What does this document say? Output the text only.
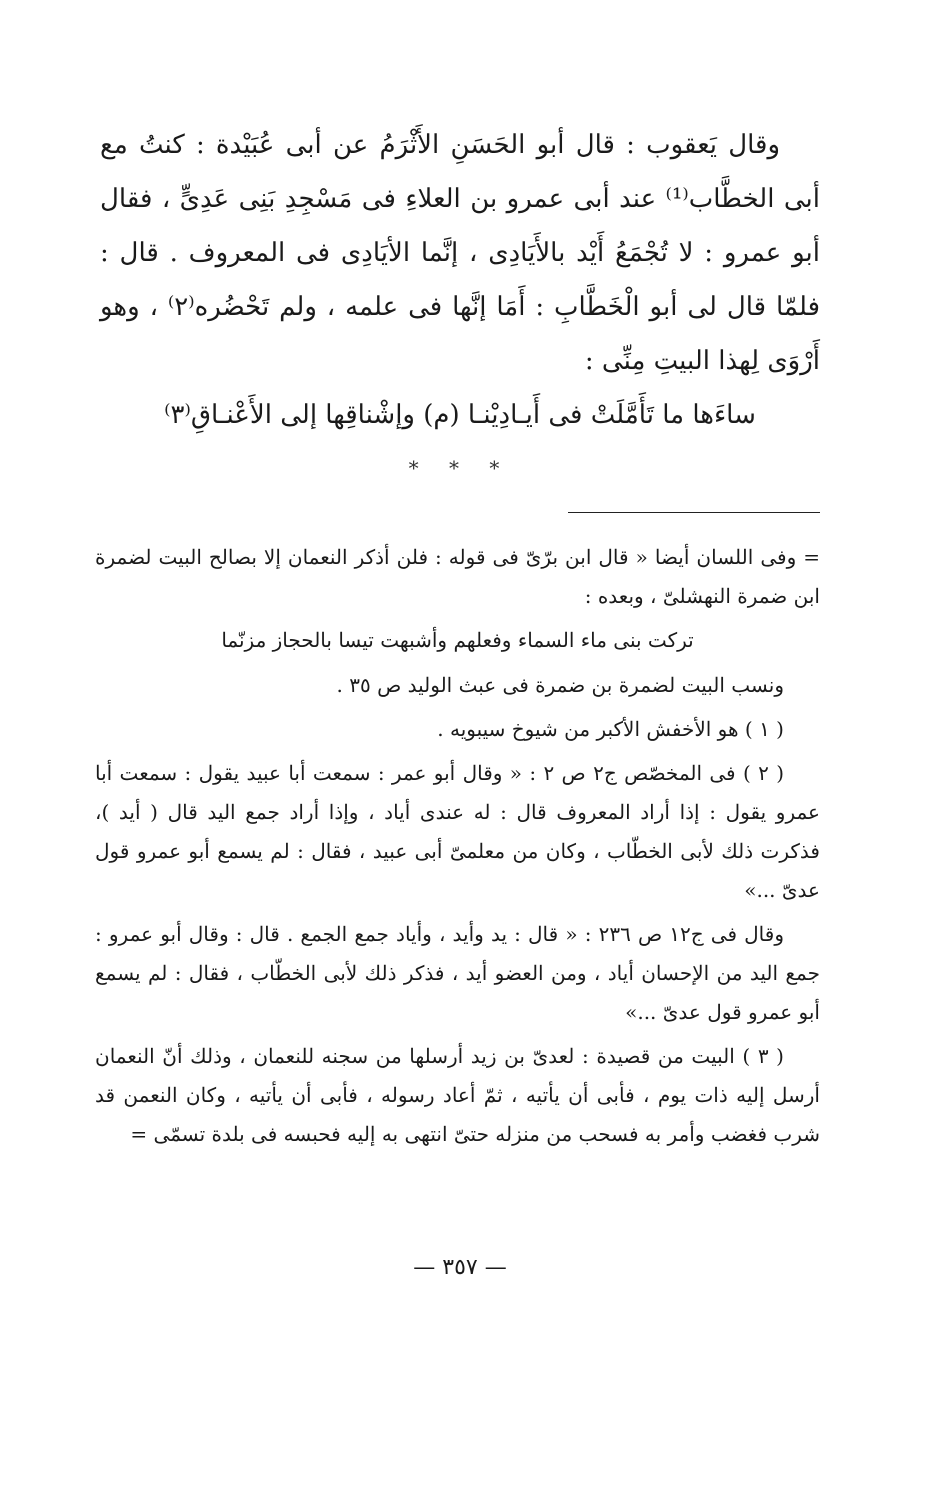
وقال يَعقوب : قال أبو الحَسَنِ الأَثْرَمُ عن أبى عُبَيْدة : كنتُ مع أبى الخطَّاب⁽¹⁾ عند أبى عمرو بن العلاءِ فى مَسْجِدِ بَنِى عَدِىٍّ ، فقال أبو عمرو : لا تُجْمَعُ أَيْد بالأَيَادِى ، إنَّما الأيَادِى فى المعروف . قال : فلمّا قال لى أبو الْخَطَّابِ : أَمَا إنَّها فى علمه ، ولم تَحْضُره⁽٢⁾ ، وهو أَرْوَى لِهذا البيتِ مِنِّى :

ساءَها ما تَأَمَّلَتْ فى أَيـادِيْنـا (م) وإشْناقِها إلى الأَعْنـاقِ⁽٣⁾
* * *

= وفى اللسان أيضا « قال ابن برّىّ فى قوله : فلن أذكر النعمان إلا بصالح البيت لضمرة ابن ضمرة النهشلىّ ، وبعده :

تركت بنى ماء السماء وفعلهم وأشبهت تيسا بالحجاز مزنّما

ونسب البيت لضمرة بن ضمرة فى عبث الوليد ص ٣٥ .

( ١ ) هو الأخفش الأكبر من شيوخ سيبويه .

( ٢ ) فى المخصّص ج٢ ص ٢ : « وقال أبو عمر : سمعت أبا عبيد يقول : سمعت أبا عمرو يقول : إذا أراد المعروف قال : له عندى أياد ، وإذا أراد جمع اليد قال ( أيد )، فذكرت ذلك لأبى الخطّاب ، وكان من معلمىّ أبى عبيد ، فقال : لم يسمع أبو عمرو قول عدىّ ...»

وقال فى ج١٢ ص ٢٣٦ : « قال : يد وأيد ، وأياد جمع الجمع . قال : وقال أبو عمرو : جمع اليد من الإحسان أياد ، ومن العضو أيد ، فذكر ذلك لأبى الخطّاب ، فقال : لم يسمع أبو عمرو قول عدىّ ...»

( ٣ ) البيت من قصيدة : لعدىّ بن زيد أرسلها من سجنه للنعمان ، وذلك أنّ النعمان أرسل إليه ذات يوم ، فأبى أن يأتيه ، ثمّ أعاد رسوله ، فأبى أن يأتيه ، وكان النعمن قد شرب فغضب وأمر به فسحب من منزله حتىّ انتهى به إليه فحبسه فى بلدة تسمّى =

— ٣٥٧ —
